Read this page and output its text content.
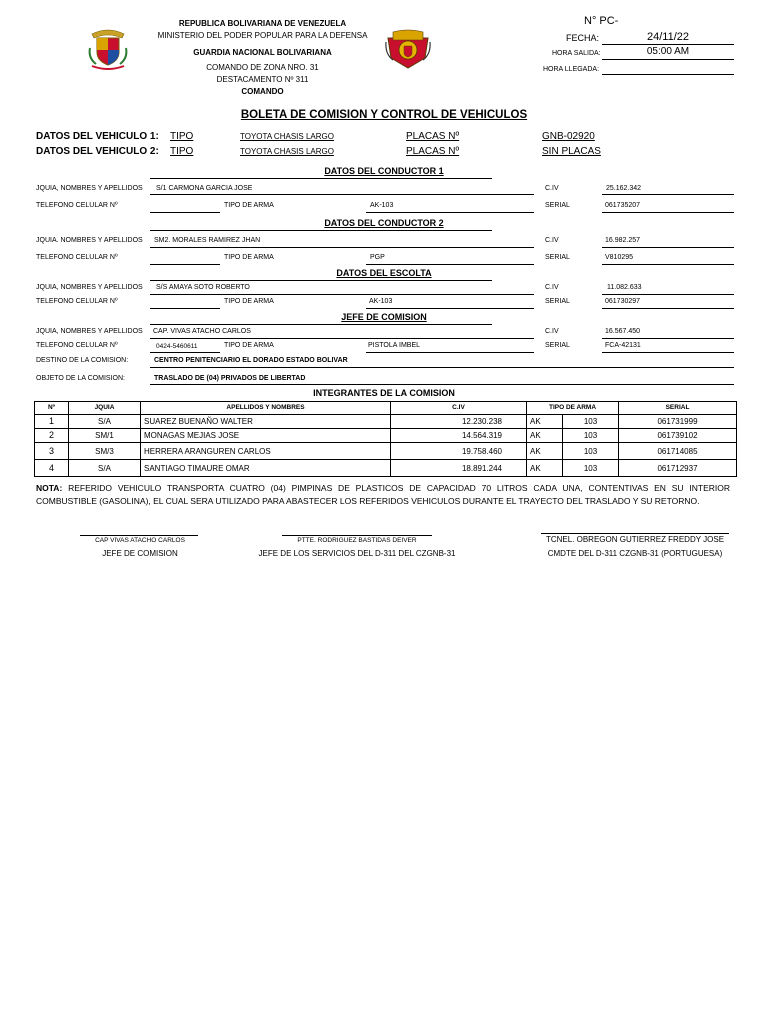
REPUBLICA BOLIVARIANA DE VENEZUELA
MINISTERIO DEL PODER POPULAR PARA LA DEFENSA
GUARDIA NACIONAL BOLIVARIANA
COMANDO DE ZONA NRO. 31
DESTACAMENTO Nº 311
COMANDO
N° PC-
FECHA:	24/11/22
HORA SALIDA:	05:00 AM
HORA LLEGADA:
BOLETA DE COMISION Y CONTROL DE VEHICULOS
DATOS DEL VEHICULO 1: TIPO	TOYOTA CHASIS LARGO	PLACAS Nº	GNB-02920
DATOS DEL VEHICULO 2: TIPO	TOYOTA CHASIS LARGO	PLACAS Nº	SIN PLACAS
DATOS DEL CONDUCTOR 1
JQUIA, NOMBRES Y APELLIDOS S/1 CARMONA GARCIA JOSE	C.IV	25.162.342
TELEFONO CELULAR Nº	TIPO DE ARMA	AK-103	SERIAL	061735207
DATOS DEL CONDUCTOR 2
JQUIA. NOMBRES Y APELLIDOS SM2. MORALES RAMIREZ JHAN	C.IV	16.982.257
TELEFONO CELULAR Nº	TIPO DE ARMA	PGP	SERIAL	V810295
DATOS DEL ESCOLTA
JQUIA, NOMBRES Y APELLIDOS S/S AMAYA SOTO ROBERTO	C.IV	11.082.633
TELEFONO CELULAR Nº	TIPO DE ARMA	AK-103	SERIAL	061730297
JEFE DE COMISION
JQUIA, NOMBRES Y APELLIDOS CAP. VIVAS ATACHO CARLOS	C.IV	16.567.450
TELEFONO CELULAR Nº	0424-5460611	TIPO DE ARMA	PISTOLA IMBEL	SERIAL	FCA-42131
DESTINO DE LA COMISION:	CENTRO PENITENCIARIO EL DORADO ESTADO BOLIVAR
OBJETO DE LA COMISION:	TRASLADO DE (04) PRIVADOS DE LIBERTAD
INTEGRANTES DE LA COMISION
Nº	JQUIA	APELLIDOS Y NOMBRES	C.IV	TIPO DE ARMA		SERIAL
1	S/A	SUAREZ BUENAÑO WALTER	12.230.238	AK	103	061731999
2	SM/1	MONAGAS MEJIAS JOSE	14.564.319	AK	103	061739102
3	SM/3	HERRERA ARANGUREN CARLOS	19.758.460	AK	103	061714085
4	S/A	SANTIAGO TIMAURE OMAR	18.891.244	AK	103	061712937
NOTA: REFERIDO VEHICULO TRANSPORTA CUATRO (04) PIMPINAS DE PLASTICOS DE CAPACIDAD 70 LITROS CADA UNA, CONTENTIVAS EN SU INTERIOR COMBUSTIBLE (GASOLINA), EL CUAL SERA UTILIZADO PARA ABASTECER LOS REFERIDOS VEHICULOS DURANTE EL TRAYECTO DEL TRASLADO Y SU RETORNO.
CAP VIVAS ATACHO CARLOS
JEFE DE COMISION
PTTE. RODRIGUEZ BASTIDAS DEIVER
JEFE DE LOS SERVICIOS DEL D-311 DEL CZGNB-31
TCNEL. OBREGON GUTIERREZ FREDDY JOSE
CMDTE DEL D-311 CZGNB-31 (PORTUGUESA)
